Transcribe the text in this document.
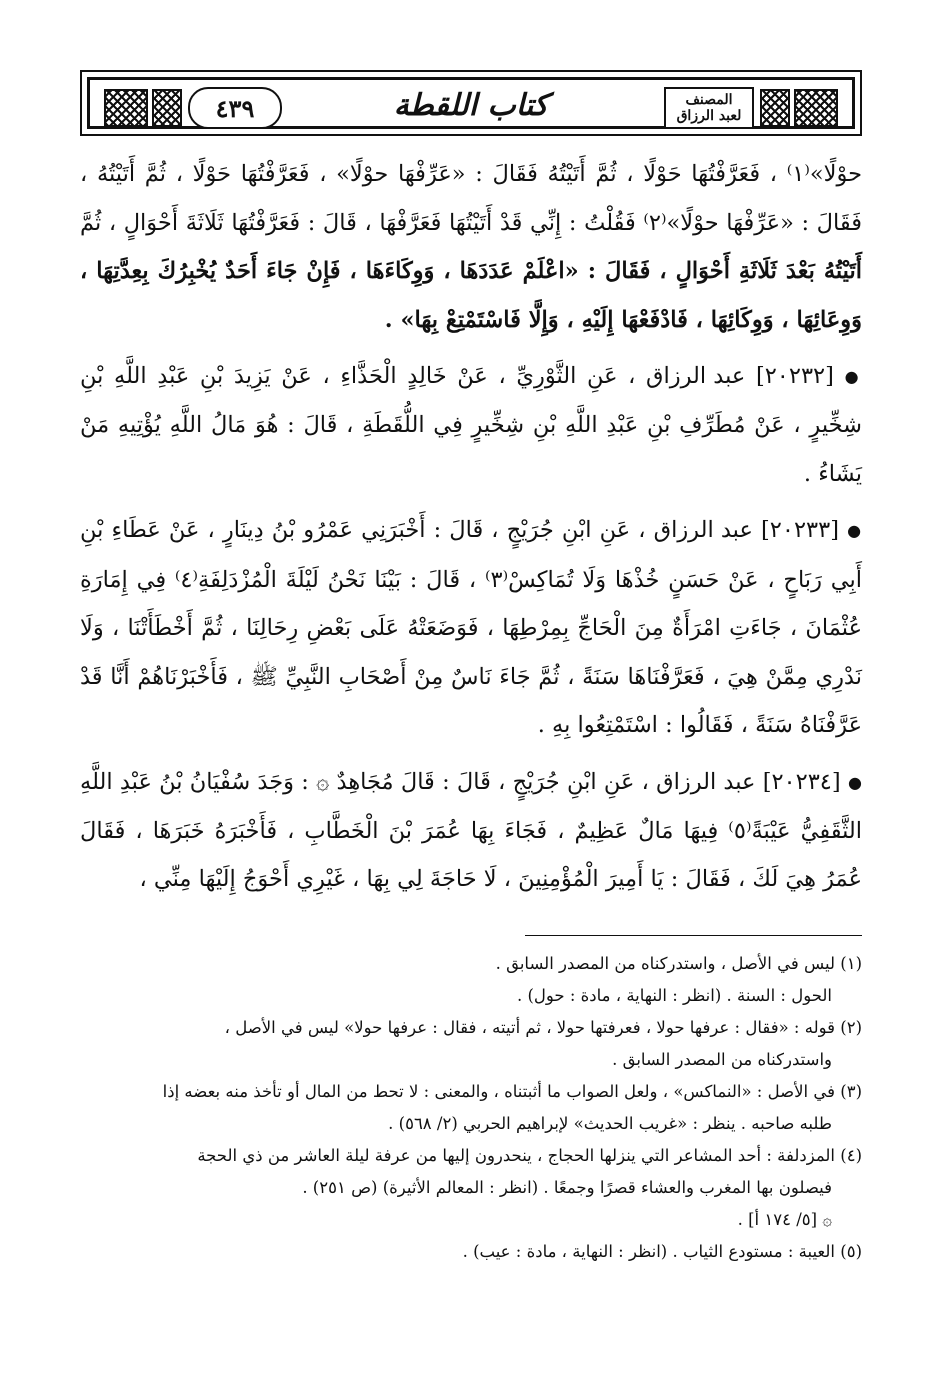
٤٣٩	كتاب اللقطة	المصنف
لعبد الرزاق

حوْلًا»⁽١⁾ ، فَعَرَّفْتُهَا حَوْلًا ، ثُمَّ أَتَيْتُهُ فَقَالَ : «عَرِّفْهَا حوْلًا» ، فَعَرَّفْتُهَا حَوْلًا ، ثُمَّ أَتَيْتُهُ ، فَقَالَ : «عَرِّفْهَا حوْلًا»⁽٢⁾ فَقُلْتُ : إِنِّي قَدْ أَتَيْتُهَا فَعَرَّفْهَا ، قَالَ : فَعَرَّفْتُهَا ثَلَاثَةَ أَحْوَالٍ ، ثُمَّ أَتَيْتُهُ بَعْدَ ثَلَاثَةِ أَحْوَالٍ ، فَقَالَ : «اعْلَمْ عَدَدَهَا ، وَوِكَاءَهَا ، فَإِنْ جَاءَ أَحَدٌ يُخْبِرُكَ بِعِدَّتِهَا ، وَوِعَائِهَا ، وَوِكَائِهَا ، فَادْفَعْهَا إِلَيْهِ ، وَإِلَّا فَاسْتَمْتِعْ بِهَا» .

● [٢٠٢٣٢] عبد الرزاق ، عَنِ الثَّوْرِيِّ ، عَنْ خَالِدٍ الْحَذَّاءِ ، عَنْ يَزِيدَ بْنِ عَبْدِ اللَّهِ بْنِ شِخِّيرٍ ، عَنْ مُطَرِّفِ بْنِ عَبْدِ اللَّهِ بْنِ شِخِّيرٍ فِي اللُّقَطَةِ ، قَالَ : هُوَ مَالُ اللَّهِ يُؤْتِيهِ مَنْ يَشَاءُ .

● [٢٠٢٣٣] عبد الرزاق ، عَنِ ابْنِ جُرَيْجٍ ، قَالَ : أَخْبَرَنِي عَمْرُو بْنُ دِينَارٍ ، عَنْ عَطَاءِ بْنِ أَبِي رَبَاحٍ ، عَنْ حَسَنٍ خُذْهَا وَلَا تُمَاكِسْ⁽٣⁾ ، قَالَ : بَيْنَا نَحْنُ لَيْلَةَ الْمُزْدَلِفَةِ⁽٤⁾ فِي إِمَارَةِ عُثْمَانَ ، جَاءَتِ امْرَأَةٌ مِنَ الْحَاجِّ بِمِرْطِهَا ، فَوَضَعَتْهُ عَلَى بَعْضِ رِحَالِنَا ، ثُمَّ أَخْطَأَتْنَا ، وَلَا نَدْرِي مِمَّنْ هِيَ ، فَعَرَّفْنَاهَا سَنَةً ، ثُمَّ جَاءَ نَاسٌ مِنْ أَصْحَابِ النَّبِيِّ ﷺ ، فَأَخْبَرْنَاهُمْ أَنَّا قَدْ عَرَّفْنَاهُ سَنَةً ، فَقَالُوا : اسْتَمْتِعُوا بِهِ .

● [٢٠٢٣٤] عبد الرزاق ، عَنِ ابْنِ جُرَيْجٍ ، قَالَ : قَالَ مُجَاهِدٌ ۞ : وَجَدَ سُفْيَانُ بْنُ عَبْدِ اللَّهِ الثَّقَفِيُّ عَيْبَةً⁽٥⁾ فِيهَا مَالٌ عَظِيمٌ ، فَجَاءَ بِهَا عُمَرَ بْنَ الْخَطَّابِ ، فَأَخْبَرَهُ خَبَرَهَا ، فَقَالَ عُمَرُ هِيَ لَكَ ، فَقَالَ : يَا أَمِيرَ الْمُؤْمِنِينَ ، لَا حَاجَةَ لِي بِهَا ، غَيْرِي أَحْوَجُ إِلَيْهَا مِنِّي ،

(١) ليس في الأصل ، واستدركناه من المصدر السابق .
الحول : السنة . (انظر : النهاية ، مادة : حول) .

(٢) قوله : «فقال : عرفها حولا ، فعرفتها حولا ، ثم أتيته ، فقال : عرفها حولا» ليس في الأصل ،
واستدركناه من المصدر السابق .

(٣) في الأصل : «النماكس» ، ولعل الصواب ما أثبتناه ، والمعنى : لا تحط من المال أو تأخذ منه بعضه إذا
طلبه صاحبه . ينظر : «غريب الحديث» لإبراهيم الحربي (٢/ ٥٦٨) .

(٤) المزدلفة : أحد المشاعر التي ينزلها الحجاج ، ينحدرون إليها من عرفة ليلة العاشر من ذي الحجة
فيصلون بها المغرب والعشاء قصرًا وجمعًا . (انظر : المعالم الأثيرة) (ص ٢٥١) .
۞ [٥/ ١٧٤ أ] .

(٥) العيبة : مستودع الثياب . (انظر : النهاية ، مادة : عيب) .
